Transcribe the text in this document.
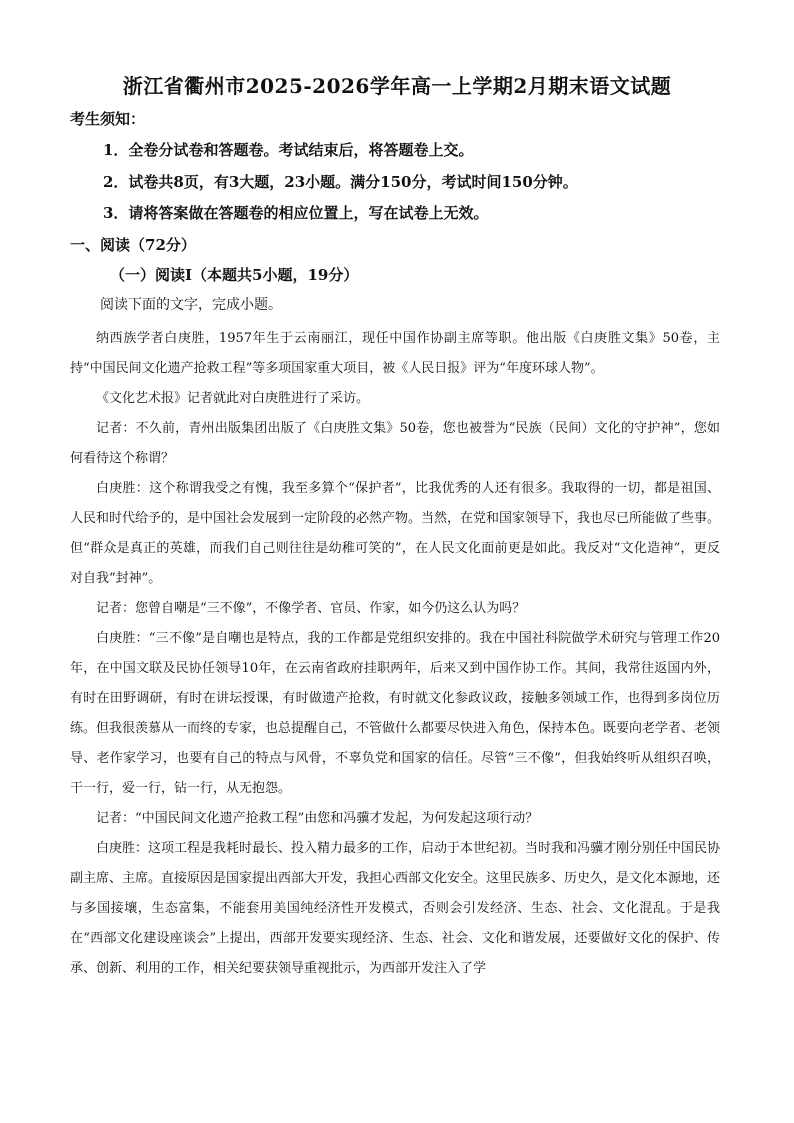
浙江省衢州市2025-2026学年高一上学期2月期末语文试题
考生须知：
1．全卷分试卷和答题卷。考试结束后，将答题卷上交。
2．试卷共8页，有3大题，23小题。满分150分，考试时间150分钟。
3．请将答案做在答题卷的相应位置上，写在试卷上无效。
一、阅读（72分）
（一）阅读Ⅰ（本题共5小题，19分）
阅读下面的文字，完成小题。

纳西族学者白庚胜，1957年生于云南丽江，现任中国作协副主席等职。他出版《白庚胜文集》50卷，主持“中国民间文化遗产抢救工程”等多项国家重大项目，被《人民日报》评为“年度环球人物”。

《文化艺术报》记者就此对白庚胜进行了采访。

记者：不久前，青州出版集团出版了《白庚胜文集》50卷，您也被誉为“民族（民间）文化的守护神”，您如何看待这个称谓？

白庚胜：这个称谓我受之有愧，我至多算个“保护者”，比我优秀的人还有很多。我取得的一切，都是祖国、人民和时代给予的，是中国社会发展到一定阶段的必然产物。当然，在党和国家领导下，我也尽已所能做了些事。但“群众是真正的英雄，而我们自己则往往是幼稚可笑的”，在人民文化面前更是如此。我反对“文化造神”，更反对自我“封神”。

记者：您曾自嘲是“三不像”，不像学者、官员、作家，如今仍这么认为吗？

白庚胜：“三不像”是自嘲也是特点，我的工作都是党组织安排的。我在中国社科院做学术研究与管理工作20年，在中国文联及民协任领导10年，在云南省政府挂职两年，后来又到中国作协工作。其间，我常往返国内外，有时在田野调研，有时在讲坛授课，有时做遗产抢救，有时就文化参政议政，接触多领域工作，也得到多岗位历练。但我很羡慕从一而终的专家，也总提醒自己，不管做什么都要尽快进入角色，保持本色。既要向老学者、老领导、老作家学习，也要有自己的特点与风骨，不辜负党和国家的信任。尽管“三不像”，但我始终听从组织召唤，干一行，爱一行，钻一行，从无抱怨。

记者：“中国民间文化遗产抢救工程”由您和冯骥才发起，为何发起这项行动？

白庚胜：这项工程是我耗时最长、投入精力最多的工作，启动于本世纪初。当时我和冯骥才刚分别任中国民协副主席、主席。直接原因是国家提出西部大开发，我担心西部文化安全。这里民族多、历史久，是文化本源地，还与多国接壤，生态富集，不能套用美国纯经济性开发模式，否则会引发经济、生态、社会、文化混乱。于是我在“西部文化建设座谈会”上提出，西部开发要实现经济、生态、社会、文化和谐发展，还要做好文化的保护、传承、创新、利用的工作，相关纪要获领导重视批示，为西部开发注入了学
